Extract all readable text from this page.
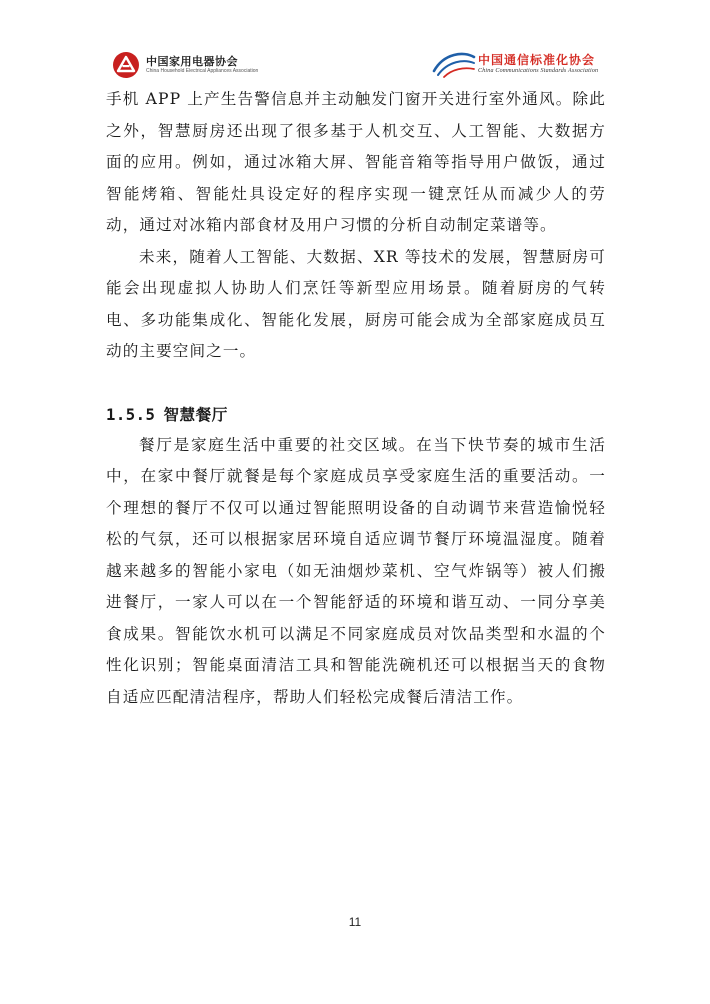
中国家用电器协会
China Household Electrical Appliances Association
中国通信标准化协会
China Communications Standards Association

手机 APP 上产生告警信息并主动触发门窗开关进行室外通风。除此之外，智慧厨房还出现了很多基于人机交互、人工智能、大数据方面的应用。例如，通过冰箱大屏、智能音箱等指导用户做饭，通过智能烤箱、智能灶具设定好的程序实现一键烹饪从而减少人的劳动，通过对冰箱内部食材及用户习惯的分析自动制定菜谱等。

未来，随着人工智能、大数据、XR 等技术的发展，智慧厨房可能会出现虚拟人协助人们烹饪等新型应用场景。随着厨房的气转电、多功能集成化、智能化发展，厨房可能会成为全部家庭成员互动的主要空间之一。

1.5.5 智慧餐厅

餐厅是家庭生活中重要的社交区域。在当下快节奏的城市生活中，在家中餐厅就餐是每个家庭成员享受家庭生活的重要活动。一个理想的餐厅不仅可以通过智能照明设备的自动调节来营造愉悦轻松的气氛，还可以根据家居环境自适应调节餐厅环境温湿度。随着越来越多的智能小家电（如无油烟炒菜机、空气炸锅等）被人们搬进餐厅，一家人可以在一个智能舒适的环境和谐互动、一同分享美食成果。智能饮水机可以满足不同家庭成员对饮品类型和水温的个性化识别；智能桌面清洁工具和智能洗碗机还可以根据当天的食物自适应匹配清洁程序，帮助人们轻松完成餐后清洁工作。

11
